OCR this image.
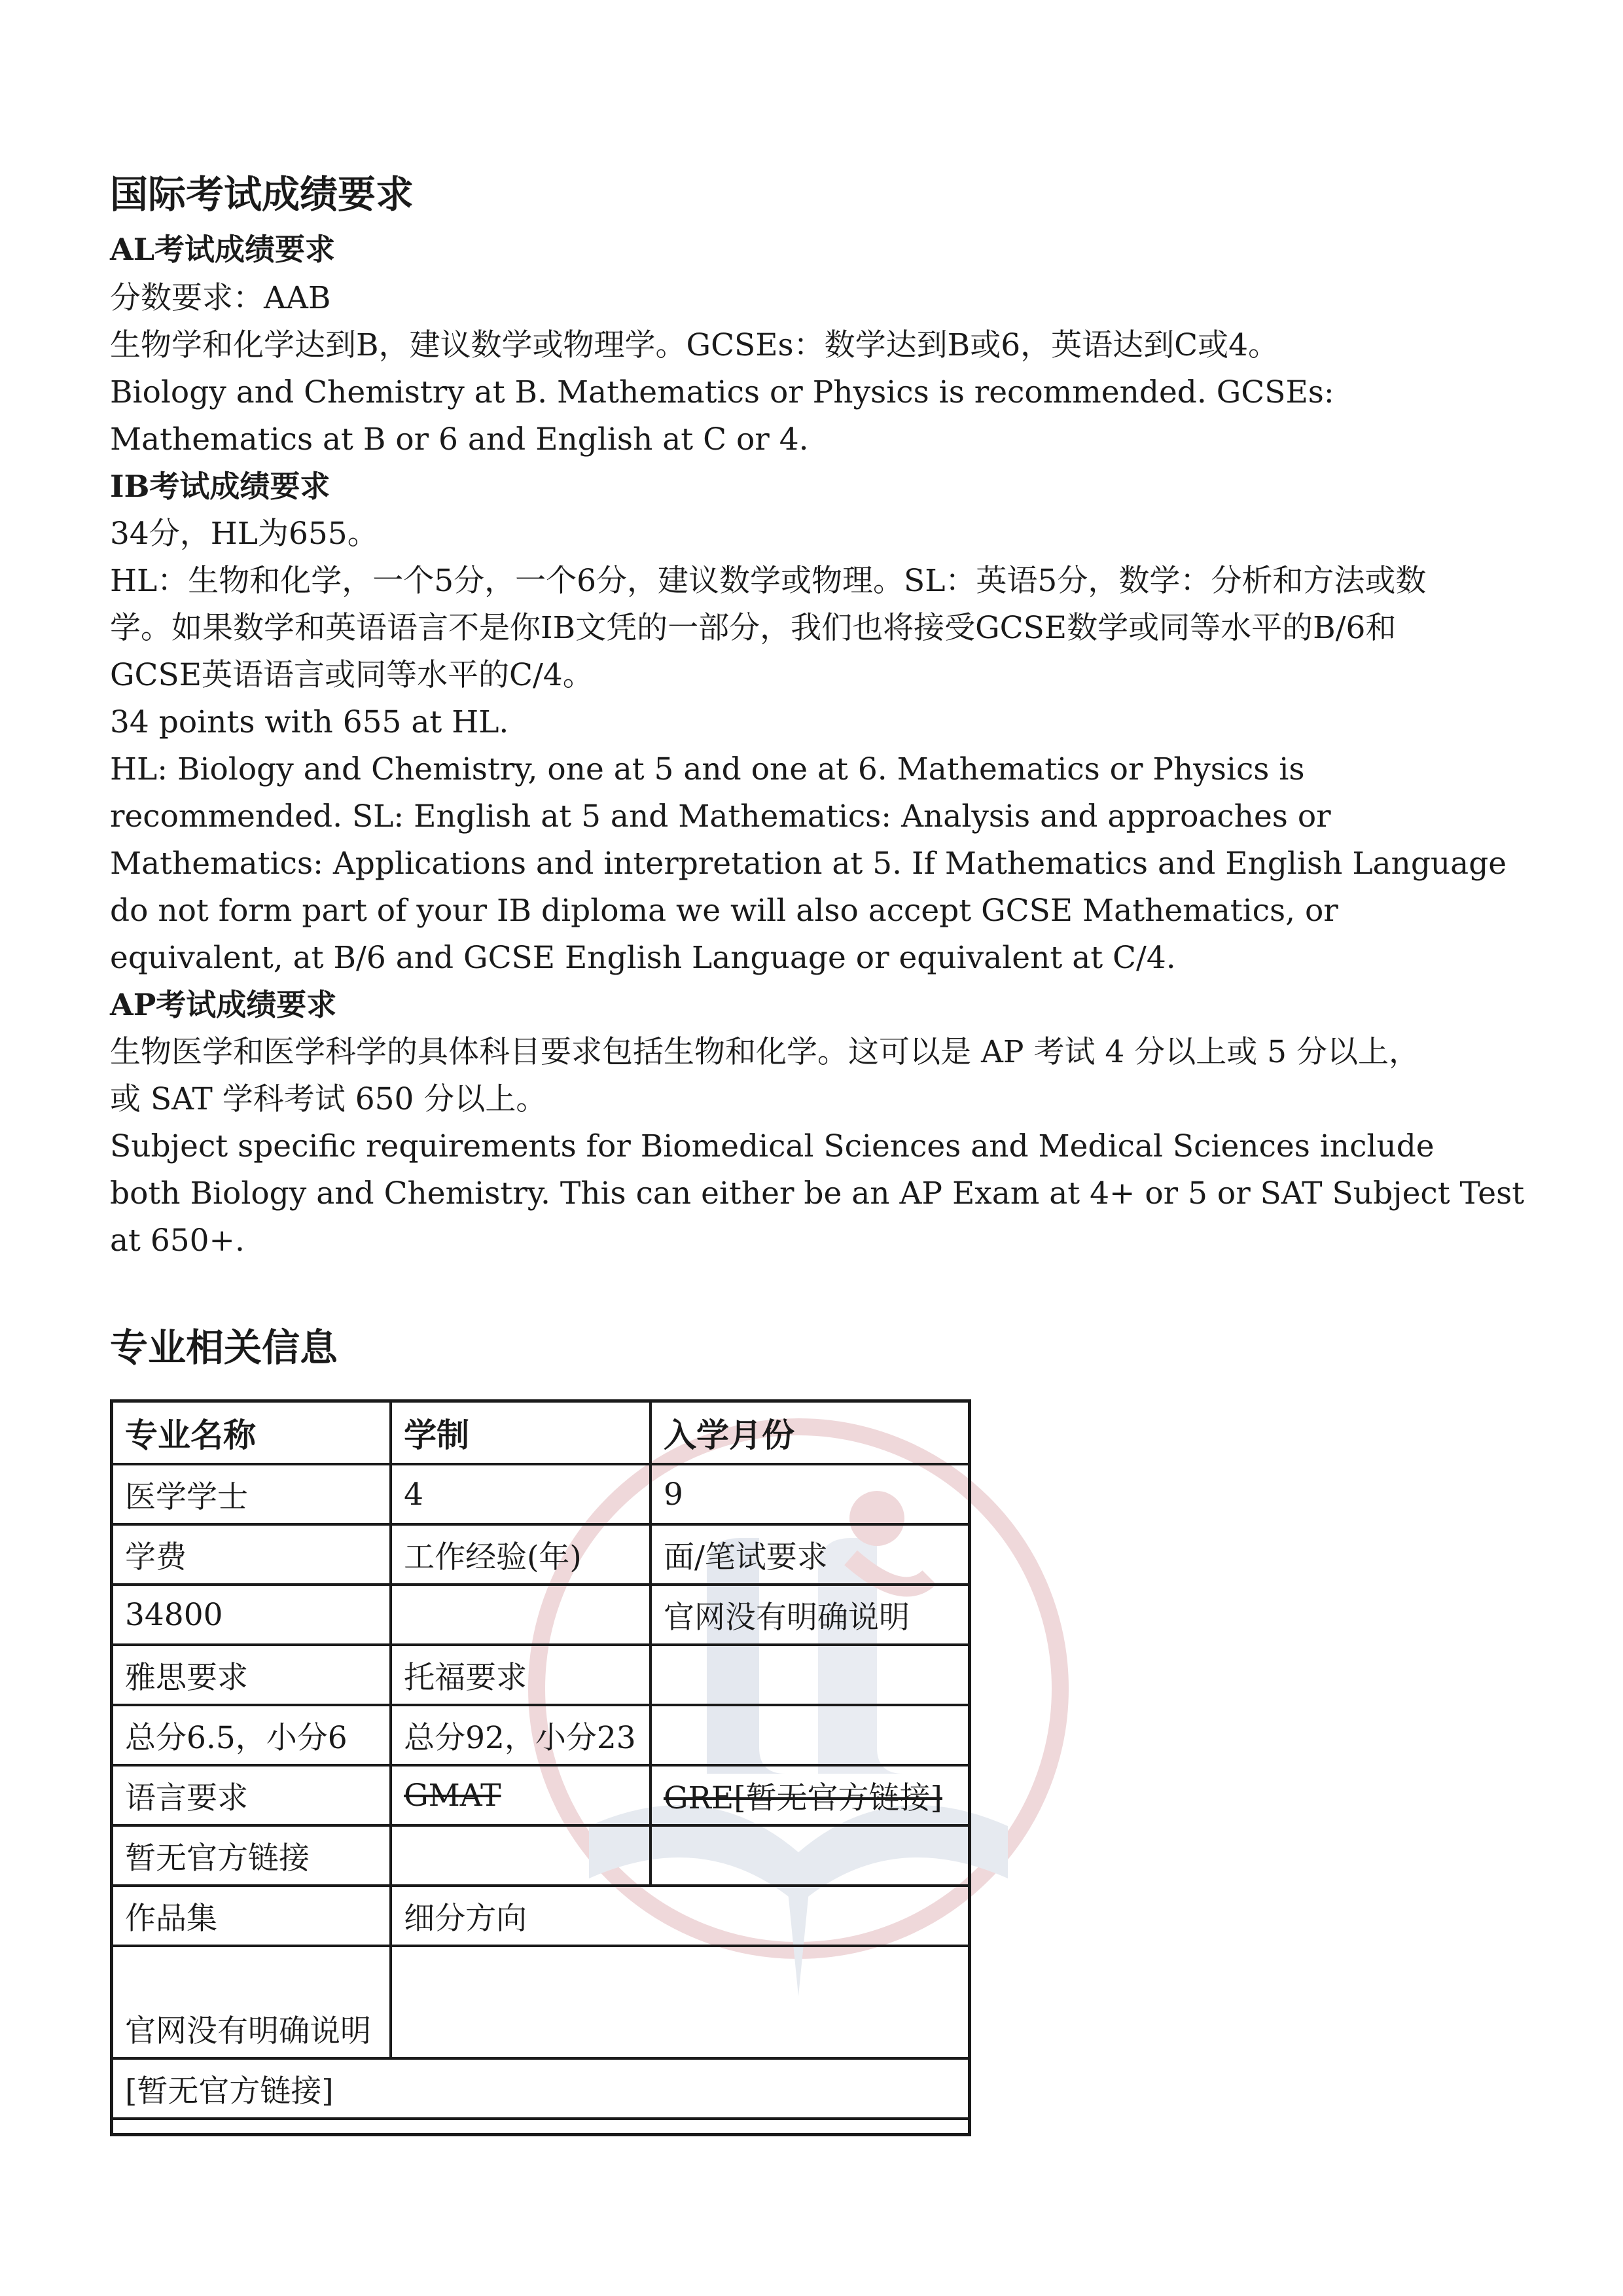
国际考试成绩要求
AL考试成绩要求

分数要求：AAB

生物学和化学达到B，建议数学或物理学。GCSEs：数学达到B或6，英语达到C或4。

Biology and Chemistry at B. Mathematics or Physics is recommended. GCSEs:

Mathematics at B or 6 and English at C or 4.

IB考试成绩要求

34分，HL为655。

HL：生物和化学，一个5分，一个6分，建议数学或物理。SL：英语5分，数学：分析和方法或数

学。如果数学和英语语言不是你IB文凭的一部分，我们也将接受GCSE数学或同等水平的B/6和

GCSE英语语言或同等水平的C/4。

34 points with 655 at HL.

HL: Biology and Chemistry, one at 5 and one at 6. Mathematics or Physics is

recommended. SL: English at 5 and Mathematics: Analysis and approaches or

Mathematics: Applications and interpretation at 5. If Mathematics and English Language

do not form part of your IB diploma we will also accept GCSE Mathematics, or

equivalent, at B/6 and GCSE English Language or equivalent at C/4.

AP考试成绩要求

生物医学和医学科学的具体科目要求包括生物和化学。这可以是 AP 考试 4 分以上或 5 分以上，

或 SAT 学科考试 650 分以上。

Subject specific requirements for Biomedical Sciences and Medical Sciences include

both Biology and Chemistry. This can either be an AP Exam at 4+ or 5 or SAT Subject Test

at 650+.

专业相关信息
专业名称	学制	入学月份
医学学士	4	9
学费	工作经验(年)	面/笔试要求
34800		官网没有明确说明
雅思要求	托福要求	
总分6.5，小分6	总分92，小分23	
语言要求	GMAT	GRE[暂无官方链接]
暂无官方链接		
作品集	细分方向	
官网没有明确说明		
[暂无官方链接]		
